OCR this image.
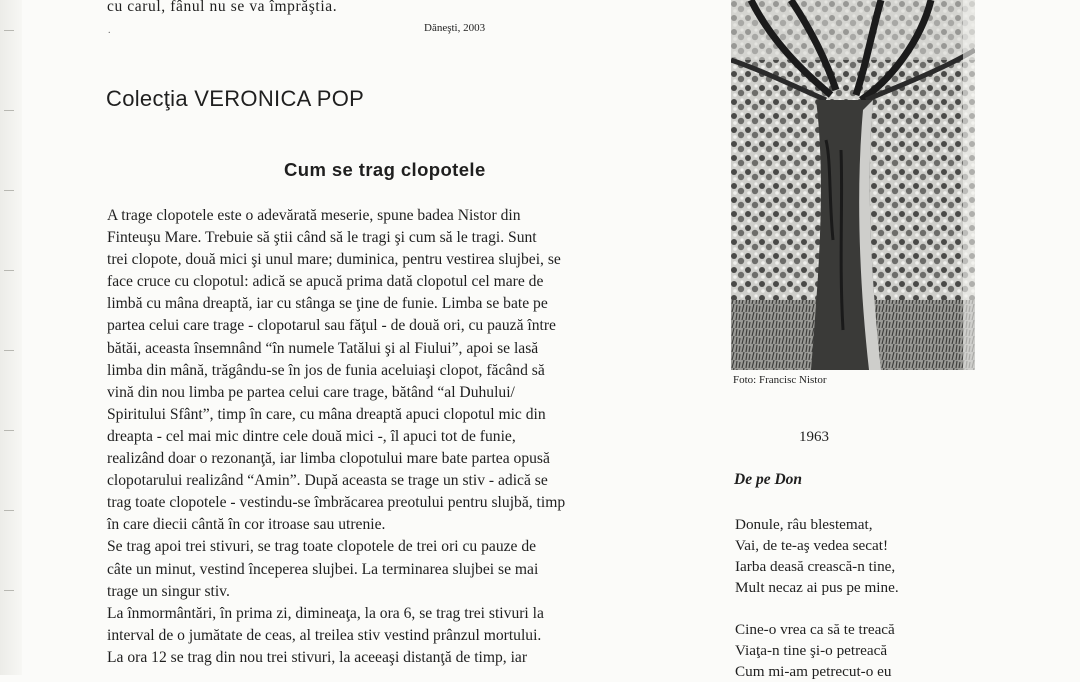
cu carul, fânul nu se va împrăştia.
.	Dăneşti, 2003
Colecţia VERONICA POP
Cum se trag clopotele
A trage clopotele este o adevărată meserie, spune badea Nistor din
Finteuşu Mare. Trebuie să ştii când să le tragi şi cum să le tragi. Sunt
trei clopote, două mici şi unul mare; duminica, pentru vestirea slujbei, se
face cruce cu clopotul: adică se apucă prima dată clopotul cel mare de
limbă cu mâna dreaptă, iar cu stânga se ţine de funie. Limba se bate pe
partea celui care trage - clopotarul sau făţul - de două ori, cu pauză între
bătăi, aceasta însemnând “în numele Tatălui şi al Fiului”, apoi se lasă
limba din mână, trăgându-se în jos de funia aceluiaşi clopot, făcând să
vină din nou limba pe partea celui care trage, bătând “al Duhului/
Spiritului Sfânt”, timp în care, cu mâna dreaptă apuci clopotul mic din
dreapta - cel mai mic dintre cele două mici -, îl apuci tot de funie,
realizând doar o rezonanţă, iar limba clopotului mare bate partea opusă
clopotarului realizând “Amin”. După aceasta se trage un stiv - adică se
trag toate clopotele - vestindu-se îmbrăcarea preotului pentru slujbă, timp
în care diecii cântă în cor itroase sau utrenie.
Se trag apoi trei stivuri, se trag toate clopotele de trei ori cu pauze de
câte un minut, vestind începerea slujbei. La terminarea slujbei se mai
trage un singur stiv.
La înmormântări, în prima zi, dimineaţa, la ora 6, se trag trei stivuri la
interval de o jumătate de ceas, al treilea stiv vestind prânzul mortului.
La ora 12 se trag din nou trei stivuri, la aceeaşi distanţă de timp, iar
Foto: Francisc Nistor
1963
De pe Don
Donule, râu blestemat,
Vai, de te-aş vedea secat!
Iarba deasă crească-n tine,
Mult necaz ai pus pe mine.
Cine-o vrea ca să te treacă
Viaţa-n tine şi-o petreacă
Cum mi-am petrecut-o eu
